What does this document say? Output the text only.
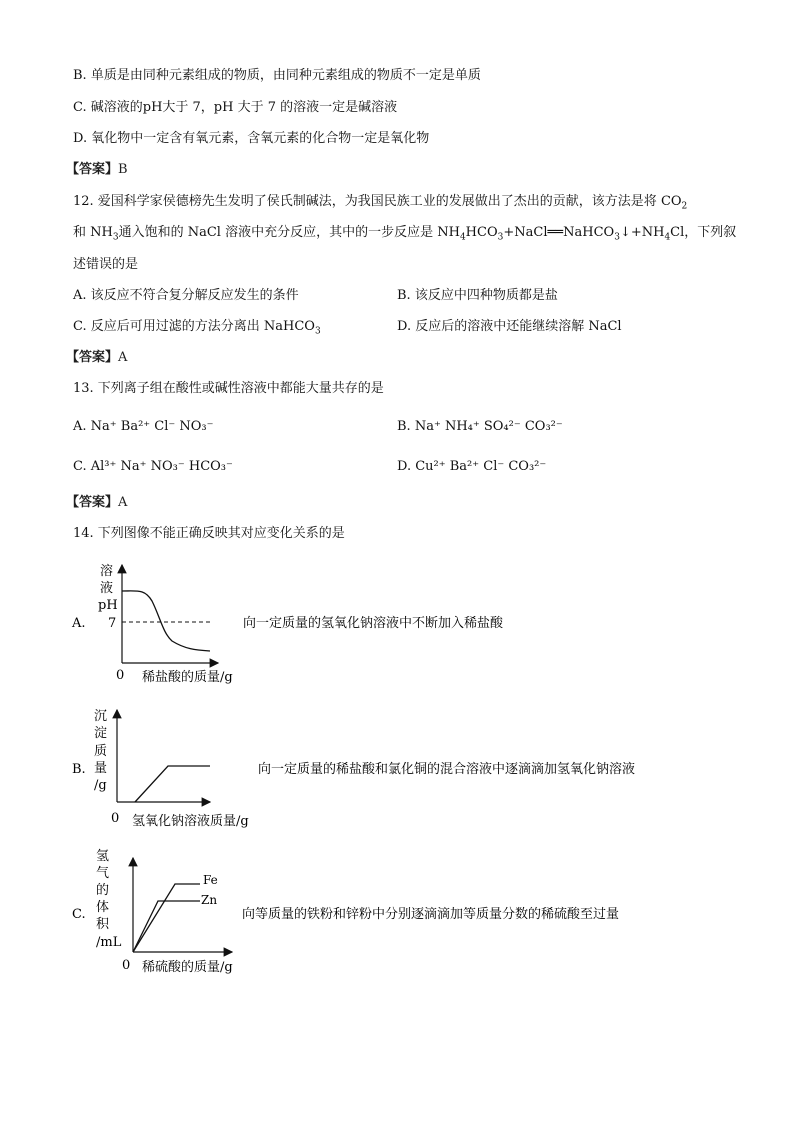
B. 单质是由同种元素组成的物质，由同种元素组成的物质不一定是单质
C. 碱溶液的pH大于 7，pH 大于 7 的溶液一定是碱溶液
D. 氧化物中一定含有氧元素，含氧元素的化合物一定是氧化物
【答案】B
12. 爱国科学家侯德榜先生发明了侯氏制碱法，为我国民族工业的发展做出了杰出的贡献，该方法是将 $CO_2$
和 $NH_3$通入饱和的 NaCl 溶液中充分反应，其中的一步反应是 $NH_4HCO_3+NaCl══NaHCO_3↓+NH_4Cl$，下列叙
述错误的是
A. 该反应不符合复分解反应发生的条件	B. 该反应中四种物质都是盐
C. 反应后可用过滤的方法分离出 NaHCO$_3$	D. 反应后的溶液中还能继续溶解 NaCl
【答案】A
13. 下列离子组在酸性或碱性溶液中都能大量共存的是
A. Na⁺ Ba²⁺ Cl⁻ NO₃⁻	B. Na⁺ NH₄⁺ SO₄²⁻ CO₃²⁻
C. Al³⁺ Na⁺ NO₃⁻ HCO₃⁻	D. Cu²⁺ Ba²⁺ Cl⁻ CO₃²⁻
【答案】A
14. 下列图像不能正确反映其对应变化关系的是
A.
溶
液
pH
7
0 稀盐酸的质量/g
向一定质量的氢氧化钠溶液中不断加入稀盐酸
B.
沉
淀
质
量
/g
0 氢氧化钠溶液质量/g
向一定质量的稀盐酸和氯化铜的混合溶液中逐滴滴加氢氧化钠溶液
C.
氢
气
的
体
积
/mL
Fe
Zn
0 稀硫酸的质量/g
向等质量的铁粉和锌粉中分别逐滴滴加等质量分数的稀硫酸至过量
